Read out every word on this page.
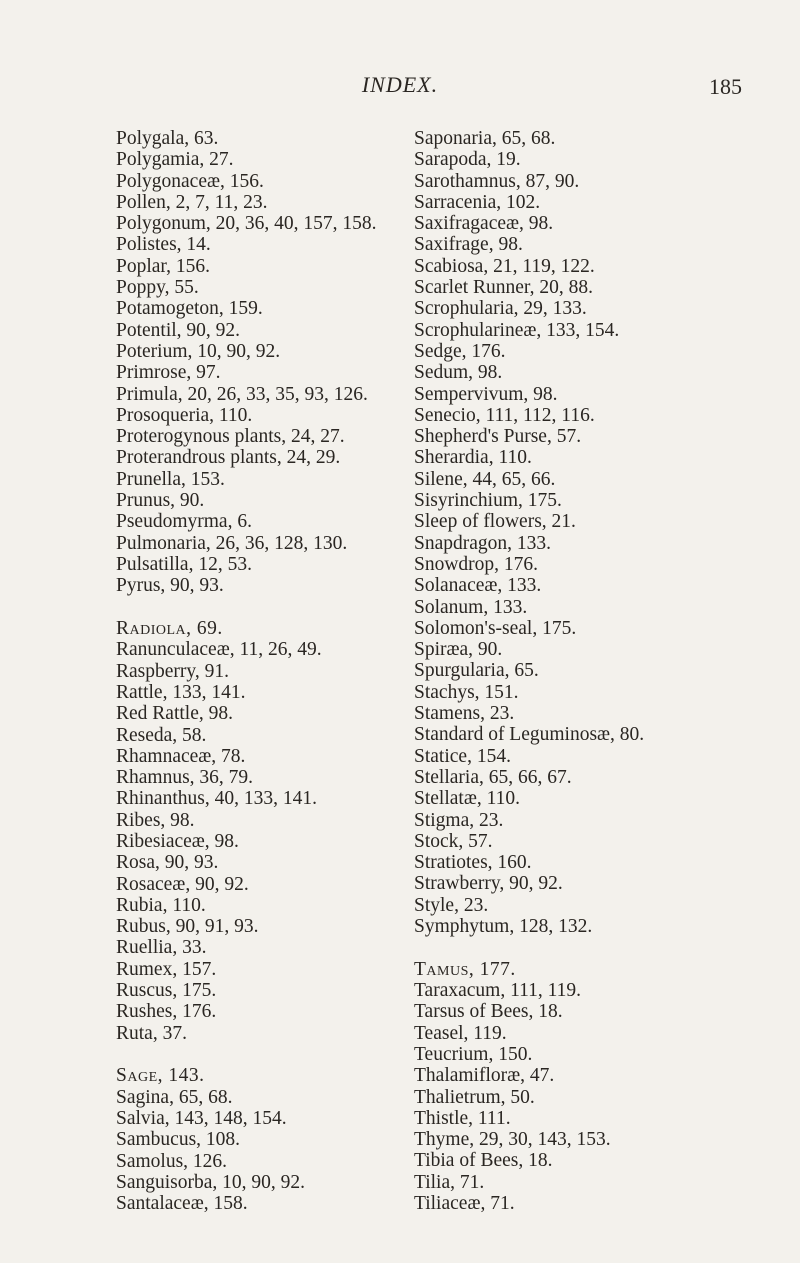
INDEX.	185
Polygala, 63.
Polygamia, 27.
Polygonaceæ, 156.
Pollen, 2, 7, 11, 23.
Polygonum, 20, 36, 40, 157, 158.
Polistes, 14.
Poplar, 156.
Poppy, 55.
Potamogeton, 159.
Potentil, 90, 92.
Poterium, 10, 90, 92.
Primrose, 97.
Primula, 20, 26, 33, 35, 93, 126.
Prosoqueria, 110.
Proterogynous plants, 24, 27.
Proterandrous plants, 24, 29.
Prunella, 153.
Prunus, 90.
Pseudomyrma, 6.
Pulmonaria, 26, 36, 128, 130.
Pulsatilla, 12, 53.
Pyrus, 90, 93.
Radiola, 69.
Ranunculaceæ, 11, 26, 49.
Raspberry, 91.
Rattle, 133, 141.
Red Rattle, 98.
Reseda, 58.
Rhamnaceæ, 78.
Rhamnus, 36, 79.
Rhinanthus, 40, 133, 141.
Ribes, 98.
Ribesiaceæ, 98.
Rosa, 90, 93.
Rosaceæ, 90, 92.
Rubia, 110.
Rubus, 90, 91, 93.
Ruellia, 33.
Rumex, 157.
Ruscus, 175.
Rushes, 176.
Ruta, 37.
Sage, 143.
Sagina, 65, 68.
Salvia, 143, 148, 154.
Sambucus, 108.
Samolus, 126.
Sanguisorba, 10, 90, 92.
Santalaceæ, 158.
Saponaria, 65, 68.
Sarapoda, 19.
Sarothamnus, 87, 90.
Sarracenia, 102.
Saxifragaceæ, 98.
Saxifrage, 98.
Scabiosa, 21, 119, 122.
Scarlet Runner, 20, 88.
Scrophularia, 29, 133.
Scrophularineæ, 133, 154.
Sedge, 176.
Sedum, 98.
Sempervivum, 98.
Senecio, 111, 112, 116.
Shepherd's Purse, 57.
Sherardia, 110.
Silene, 44, 65, 66.
Sisyrinchium, 175.
Sleep of flowers, 21.
Snapdragon, 133.
Snowdrop, 176.
Solanaceæ, 133.
Solanum, 133.
Solomon's-seal, 175.
Spiræa, 90.
Spurgularia, 65.
Stachys, 151.
Stamens, 23.
Standard of Leguminosæ, 80.
Statice, 154.
Stellaria, 65, 66, 67.
Stellatæ, 110.
Stigma, 23.
Stock, 57.
Stratiotes, 160.
Strawberry, 90, 92.
Style, 23.
Symphytum, 128, 132.
Tamus, 177.
Taraxacum, 111, 119.
Tarsus of Bees, 18.
Teasel, 119.
Teucrium, 150.
Thalamifloræ, 47.
Thalietrum, 50.
Thistle, 111.
Thyme, 29, 30, 143, 153.
Tibia of Bees, 18.
Tilia, 71.
Tiliaceæ, 71.
